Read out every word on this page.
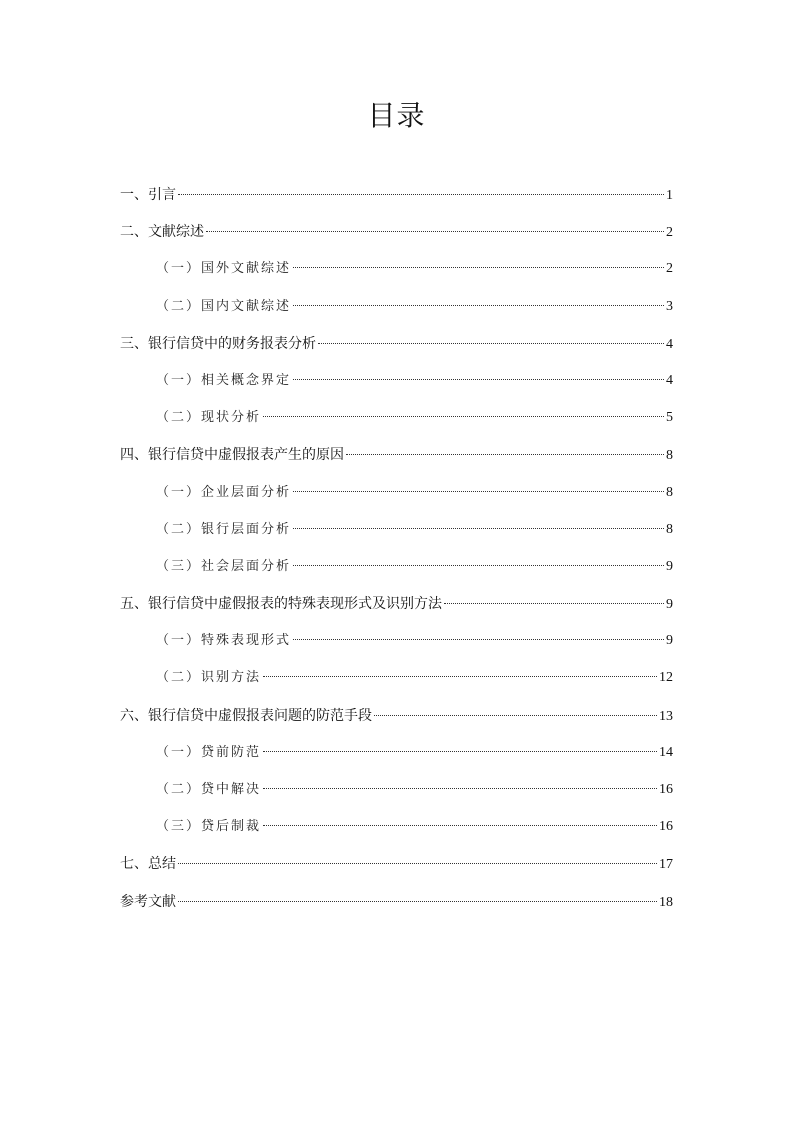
目录
一、引言	1
二、文献综述	2
（一）国外文献综述	2
（二）国内文献综述	3
三、银行信贷中的财务报表分析	4
（一）相关概念界定	4
（二）现状分析	5
四、银行信贷中虚假报表产生的原因	8
（一）企业层面分析	8
（二）银行层面分析	8
（三）社会层面分析	9
五、银行信贷中虚假报表的特殊表现形式及识别方法	9
（一）特殊表现形式	9
（二）识别方法	12
六、银行信贷中虚假报表问题的防范手段	13
（一）贷前防范	14
（二）贷中解决	16
（三）贷后制裁	16
七、总结	17
参考文献	18
